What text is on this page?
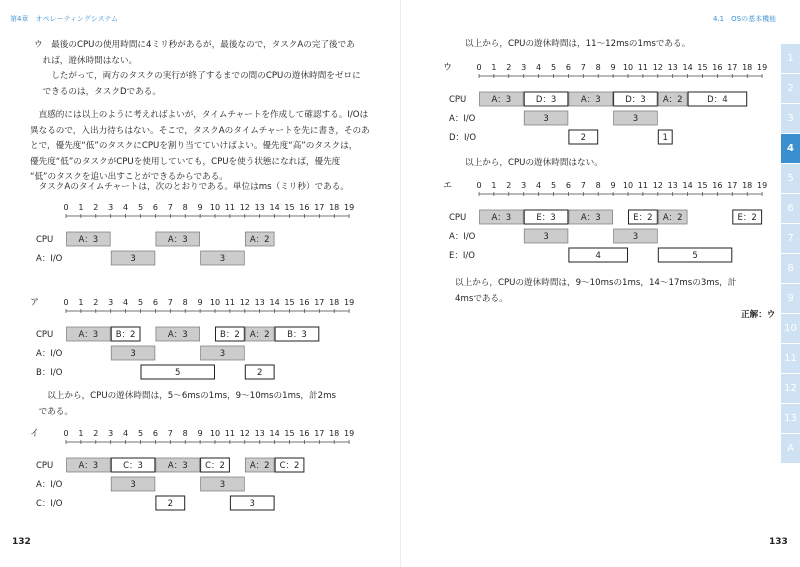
第4章　オペレーティングシステム	4.1　OSの基本機能
ウ　最後のCPUの使用時間に4ミリ秒があるが，最後なので，タスクAの完了後であ
　れば，遊休時間はない。
　　したがって，両方のタスクの実行が終了するまでの間のCPUの遊休時間をゼロに
　できるのは，タスクDである。
　直感的には以上のように考えればよいが，タイムチャートを作成して確認する。I/Oは
異なるので，入出力待ちはない。そこで，タスクAのタイムチャートを先に書き，そのあ
とで，優先度“低”のタスクにCPUを割り当てていけばよい。優先度“高”のタスクは，
優先度“低”のタスクがCPUを使用していても，CPUを使う状態になれば，優先度
“低”のタスクを追い出すことができるからである。
　タスクAのタイムチャートは，次のとおりである。単位はms（ミリ秒）である。
　　以上から，CPUの遊休時間は，5～6msの1ms，9～10msの1ms，計2ms
　である。
以上から，CPUの遊休時間は，11～12msの1msである。
以上から，CPUの遊休時間はない。
以上から，CPUの遊休時間は，9～10msの1ms，14～17msの3ms，計
4msである。
正解：ウ
0 1 2 3 4 5 6 7 8 9 10 11 12 13 14 15 16 17 18 19
CPU	A：3	A：3	A：2
A：I/O	3	3
ア	0 1 2 3 4 5 6 7 8 9 10 11 12 13 14 15 16 17 18 19
CPU	A：3 B：2	A：3	B：2 A：2 B：3
A：I/O	3	3
B：I/O	5	2
イ	0 1 2 3 4 5 6 7 8 9 10 11 12 13 14 15 16 17 18 19
CPU	A：3	C：3	A：3 C：2	A：2 C：2
A：I/O	3	3
C：I/O	2	3
ウ	0 1 2 3 4 5 6 7 8 9 10 11 12 13 14 15 16 17 18 19
CPU	A：3	D：3	A：3	D：3 A：2	D：4
A：I/O	3	3
D：I/O	2	1
エ	0 1 2 3 4 5 6 7 8 9 10 11 12 13 14 15 16 17 18 19
CPU	A：3	E：3	A：3	E：2 A：2	E：2
A：I/O	3	3
E：I/O	4	5
132	133
1
2
3
4
5
6
7
8
9
10
11
12
13
A
